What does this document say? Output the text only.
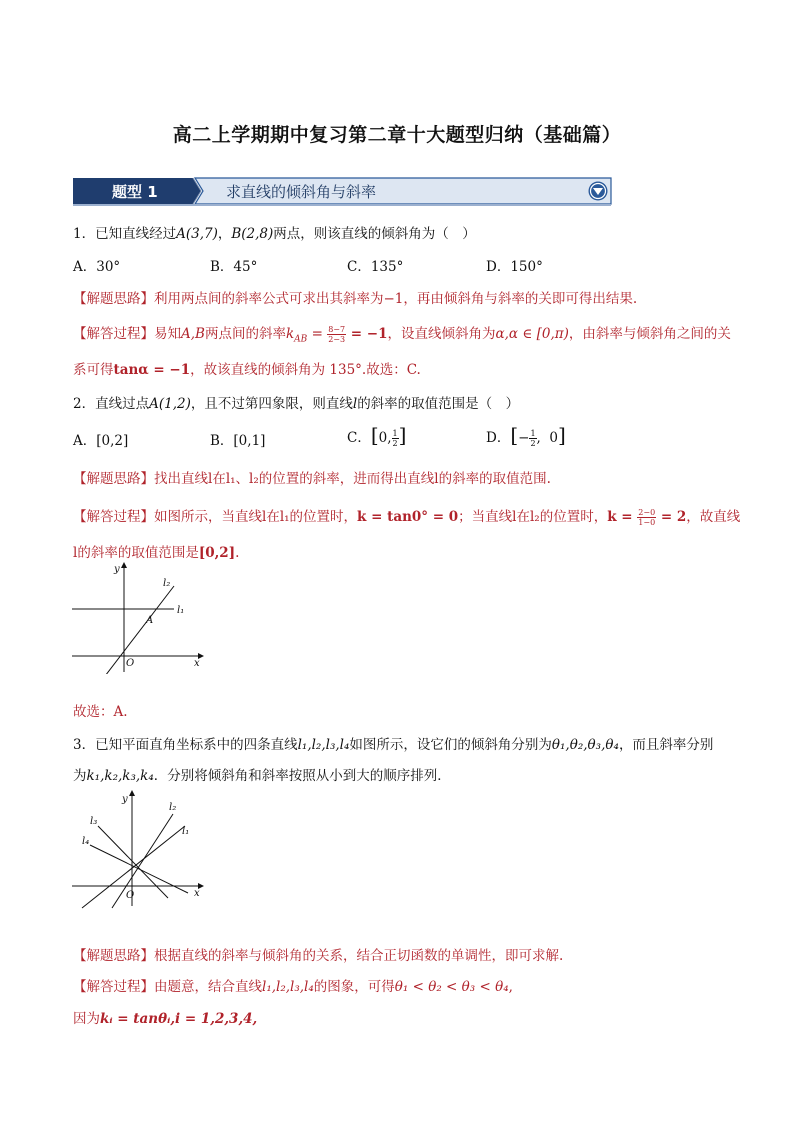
高二上学期期中复习第二章十大题型归纳（基础篇）
题型 1	求直线的倾斜角与斜率
1．已知直线经过A(3,7)，B(2,8)两点，则该直线的倾斜角为（　）
A．30°	B．45°	C．135°	D．150°
【解题思路】利用两点间的斜率公式可求出其斜率为−1，再由倾斜角与斜率的关即可得出结果.
【解答过程】易知A,B两点间的斜率$k_{AB} = \frac{8-7}{2-3} = -1$，设直线倾斜角为α,α ∈ [0,π)，由斜率与倾斜角之间的关
系可得tanα = −1，故该直线的倾斜角为 135°.故选：C.
2．直线过点A(1,2)，且不过第四象限，则直线l的斜率的取值范围是（　）
A．[0,2]	B．[0,1]	C．[0, $\frac{1}{2}$ ]	D．[− $\frac{1}{2}$ ,  0]
【解题思路】找出直线l在l₁、l₂的位置的斜率，进而得出直线l的斜率的取值范围.
【解答过程】如图所示，当直线l在l₁的位置时，k = tan0° = 0；当直线l在l₂的位置时，$k = \frac{2-0}{1-0} = 2$，故直线
l的斜率的取值范围是[0,2].
y
x
O
A
l₁
l₂
故选：A.
3．已知平面直角坐标系中的四条直线l₁,l₂,l₃,l₄如图所示，设它们的倾斜角分别为θ₁,θ₂,θ₃,θ₄，而且斜率分别
为k₁,k₂,k₃,k₄．分别将倾斜角和斜率按照从小到大的顺序排列．
y
x
O
l₁
l₂
l₃
l₄
【解题思路】根据直线的斜率与倾斜角的关系，结合正切函数的单调性，即可求解.
【解答过程】由题意，结合直线l₁,l₂,l₃,l₄的图象，可得θ₁ < θ₂ < θ₃ < θ₄,
因为kᵢ = tanθᵢ,i = 1,2,3,4,
